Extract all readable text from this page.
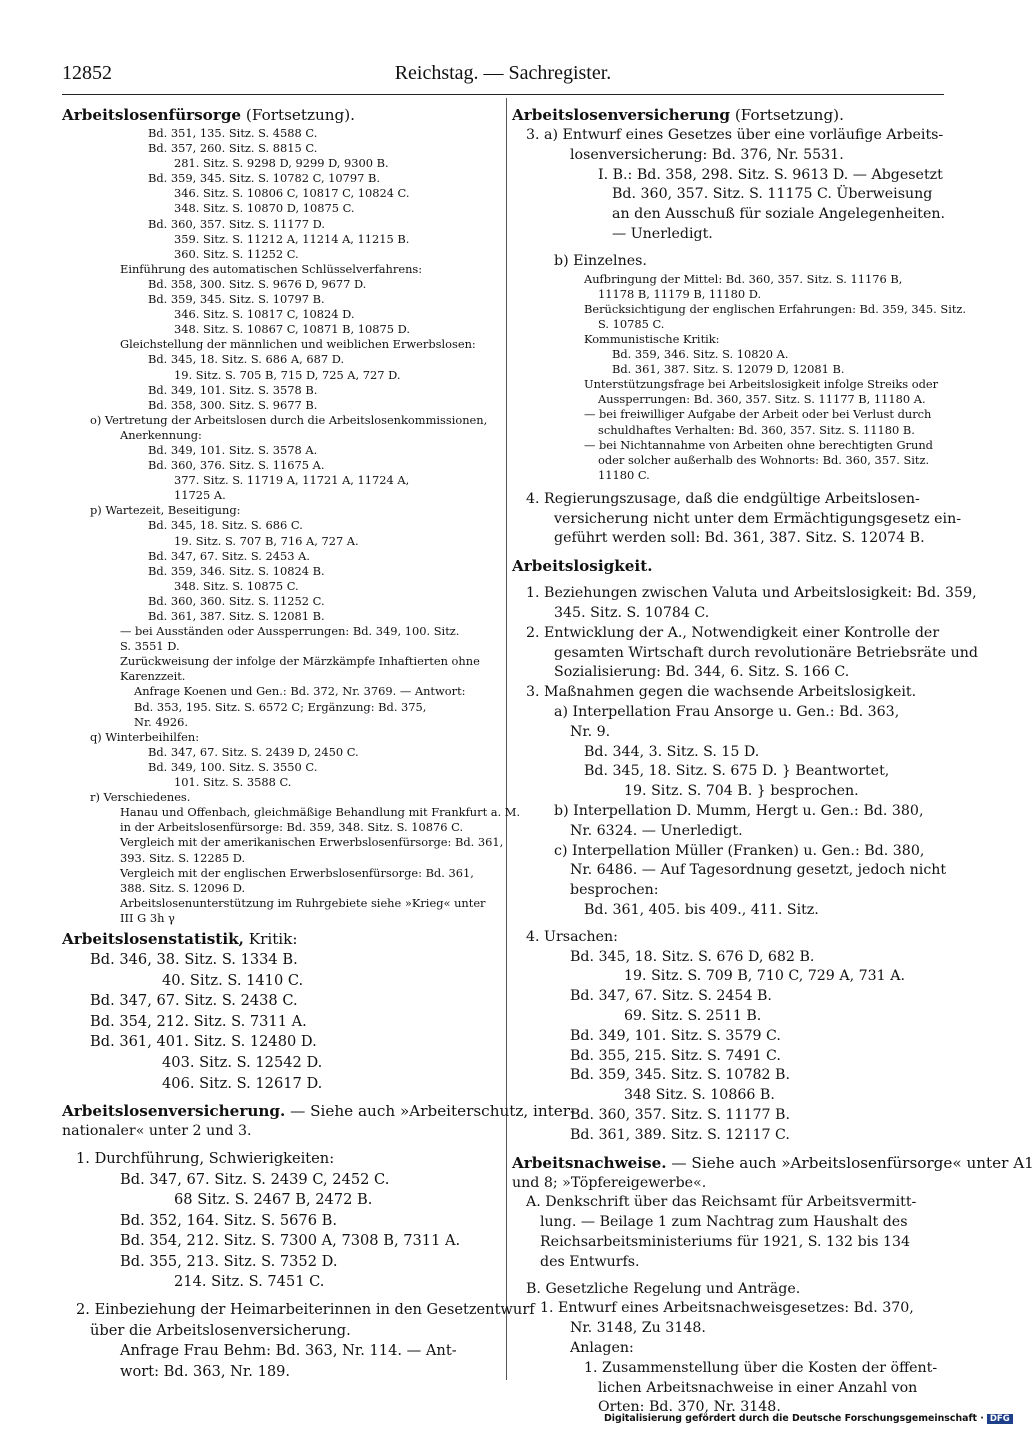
12852	Reichstag. — Sachregister.
Arbeitslosenfürsorge (Fortsetzung).
Bd. 351, 135. Sitz. S. 4588 C.
Bd. 357, 260. Sitz. S. 8815 C.
281. Sitz. S. 9298 D, 9299 D, 9300 B.
Bd. 359, 345. Sitz. S. 10782 C, 10797 B.
346. Sitz. S. 10806 C, 10817 C, 10824 C.
348. Sitz. S. 10870 D, 10875 C.
Bd. 360, 357. Sitz. S. 11177 D.
359. Sitz. S. 11212 A, 11214 A, 11215 B.
360. Sitz. S. 11252 C.
Einführung des automatischen Schlüsselverfahrens:
Bd. 358, 300. Sitz. S. 9676 D, 9677 D.
Bd. 359, 345. Sitz. S. 10797 B.
346. Sitz. S. 10817 C, 10824 D.
348. Sitz. S. 10867 C, 10871 B, 10875 D.
Gleichstellung der männlichen und weiblichen Erwerbslosen:
Bd. 345, 18. Sitz. S. 686 A, 687 D.
19. Sitz. S. 705 B, 715 D, 725 A, 727 D.
Bd. 349, 101. Sitz. S. 3578 B.
Bd. 358, 300. Sitz. S. 9677 B.
o) Vertretung der Arbeitslosen durch die Arbeitslosenkommissionen,
Anerkennung:
Bd. 349, 101. Sitz. S. 3578 A.
Bd. 360, 376. Sitz. S. 11675 A.
377. Sitz. S. 11719 A, 11721 A, 11724 A,
11725 A.
p) Wartezeit, Beseitigung:
Bd. 345, 18. Sitz. S. 686 C.
19. Sitz. S. 707 B, 716 A, 727 A.
Bd. 347, 67. Sitz. S. 2453 A.
Bd. 359, 346. Sitz. S. 10824 B.
348. Sitz. S. 10875 C.
Bd. 360, 360. Sitz. S. 11252 C.
Bd. 361, 387. Sitz. S. 12081 B.
— bei Ausständen oder Aussperrungen: Bd. 349, 100. Sitz.
S. 3551 D.
Zurückweisung der infolge der Märzkämpfe Inhaftierten ohne
Karenzzeit.
Anfrage Koenen und Gen.: Bd. 372, Nr. 3769. — Antwort:
Bd. 353, 195. Sitz. S. 6572 C; Ergänzung: Bd. 375,
Nr. 4926.
q) Winterbeihilfen:
Bd. 347, 67. Sitz. S. 2439 D, 2450 C.
Bd. 349, 100. Sitz. S. 3550 C.
101. Sitz. S. 3588 C.
r) Verschiedenes.
Hanau und Offenbach, gleichmäßige Behandlung mit Frankfurt a. M.
in der Arbeitslosenfürsorge: Bd. 359, 348. Sitz. S. 10876 C.
Vergleich mit der amerikanischen Erwerbslosenfürsorge: Bd. 361,
393. Sitz. S. 12285 D.
Vergleich mit der englischen Erwerbslosenfürsorge: Bd. 361,
388. Sitz. S. 12096 D.
Arbeitslosenunterstützung im Ruhrgebiete siehe »Krieg« unter
III G 3h γ
Arbeitslosenstatistik, Kritik:
Bd. 346, 38. Sitz. S. 1334 B.
40. Sitz. S. 1410 C.
Bd. 347, 67. Sitz. S. 2438 C.
Bd. 354, 212. Sitz. S. 7311 A.
Bd. 361, 401. Sitz. S. 12480 D.
403. Sitz. S. 12542 D.
406. Sitz. S. 12617 D.
Arbeitslosenversicherung. — Siehe auch »Arbeiterschutz, inter-
nationaler« unter 2 und 3.
1. Durchführung, Schwierigkeiten:
Bd. 347, 67. Sitz. S. 2439 C, 2452 C.
68 Sitz. S. 2467 B, 2472 B.
Bd. 352, 164. Sitz. S. 5676 B.
Bd. 354, 212. Sitz. S. 7300 A, 7308 B, 7311 A.
Bd. 355, 213. Sitz. S. 7352 D.
214. Sitz. S. 7451 C.
2. Einbeziehung der Heimarbeiterinnen in den Gesetzentwurf
über die Arbeitslosenversicherung.
Anfrage Frau Behm: Bd. 363, Nr. 114. — Ant-
wort: Bd. 363, Nr. 189.
Arbeitslosenversicherung (Fortsetzung).
3. a) Entwurf eines Gesetzes über eine vorläufige Arbeits-
losenversicherung: Bd. 376, Nr. 5531.
I. B.: Bd. 358, 298. Sitz. S. 9613 D. — Abgesetzt
Bd. 360, 357. Sitz. S. 11175 C. Überweisung
an den Ausschuß für soziale Angelegenheiten.
— Unerledigt.
b) Einzelnes.
Aufbringung der Mittel: Bd. 360, 357. Sitz. S. 11176 B,
11178 B, 11179 B, 11180 D.
Berücksichtigung der englischen Erfahrungen: Bd. 359, 345. Sitz.
S. 10785 C.
Kommunistische Kritik:
Bd. 359, 346. Sitz. S. 10820 A.
Bd. 361, 387. Sitz. S. 12079 D, 12081 B.
Unterstützungsfrage bei Arbeitslosigkeit infolge Streiks oder
Aussperrungen: Bd. 360, 357. Sitz. S. 11177 B, 11180 A.
— bei freiwilliger Aufgabe der Arbeit oder bei Verlust durch
schuldhaftes Verhalten: Bd. 360, 357. Sitz. S. 11180 B.
— bei Nichtannahme von Arbeiten ohne berechtigten Grund
oder solcher außerhalb des Wohnorts: Bd. 360, 357. Sitz.
11180 C.
4. Regierungszusage, daß die endgültige Arbeitslosen-
versicherung nicht unter dem Ermächtigungsgesetz ein-
geführt werden soll: Bd. 361, 387. Sitz. S. 12074 B.
Arbeitslosigkeit.
1. Beziehungen zwischen Valuta und Arbeitslosigkeit: Bd. 359,
345. Sitz. S. 10784 C.
2. Entwicklung der A., Notwendigkeit einer Kontrolle der
gesamten Wirtschaft durch revolutionäre Betriebsräte und
Sozialisierung: Bd. 344, 6. Sitz. S. 166 C.
3. Maßnahmen gegen die wachsende Arbeitslosigkeit.
a) Interpellation Frau Ansorge u. Gen.: Bd. 363,
Nr. 9.
Bd. 344, 3. Sitz. S. 15 D.
Bd. 345, 18. Sitz. S. 675 D. } Beantwortet,
19. Sitz. S. 704 B. } besprochen.
b) Interpellation D. Mumm, Hergt u. Gen.: Bd. 380,
Nr. 6324. — Unerledigt.
c) Interpellation Müller (Franken) u. Gen.: Bd. 380,
Nr. 6486. — Auf Tagesordnung gesetzt, jedoch nicht
besprochen:
Bd. 361, 405. bis 409., 411. Sitz.
4. Ursachen:
Bd. 345, 18. Sitz. S. 676 D, 682 B.
19. Sitz. S. 709 B, 710 C, 729 A, 731 A.
Bd. 347, 67. Sitz. S. 2454 B.
69. Sitz. S. 2511 B.
Bd. 349, 101. Sitz. S. 3579 C.
Bd. 355, 215. Sitz. S. 7491 C.
Bd. 359, 345. Sitz. S. 10782 B.
348 Sitz. S. 10866 B.
Bd. 360, 357. Sitz. S. 11177 B.
Bd. 361, 389. Sitz. S. 12117 C.
Arbeitsnachweise. — Siehe auch »Arbeitslosenfürsorge« unter A1
und 8; »Töpfereigewerbe«.
A. Denkschrift über das Reichsamt für Arbeitsvermitt-
lung. — Beilage 1 zum Nachtrag zum Haushalt des
Reichsarbeitsministeriums für 1921, S. 132 bis 134
des Entwurfs.
B. Gesetzliche Regelung und Anträge.
1. Entwurf eines Arbeitsnachweisgesetzes: Bd. 370,
Nr. 3148, Zu 3148.
Anlagen:
1. Zusammenstellung über die Kosten der öffent-
lichen Arbeitsnachweise in einer Anzahl von
Orten: Bd. 370, Nr. 3148.
Digitalisierung gefördert durch die Deutsche Forschungsgemeinschaft · DFG
